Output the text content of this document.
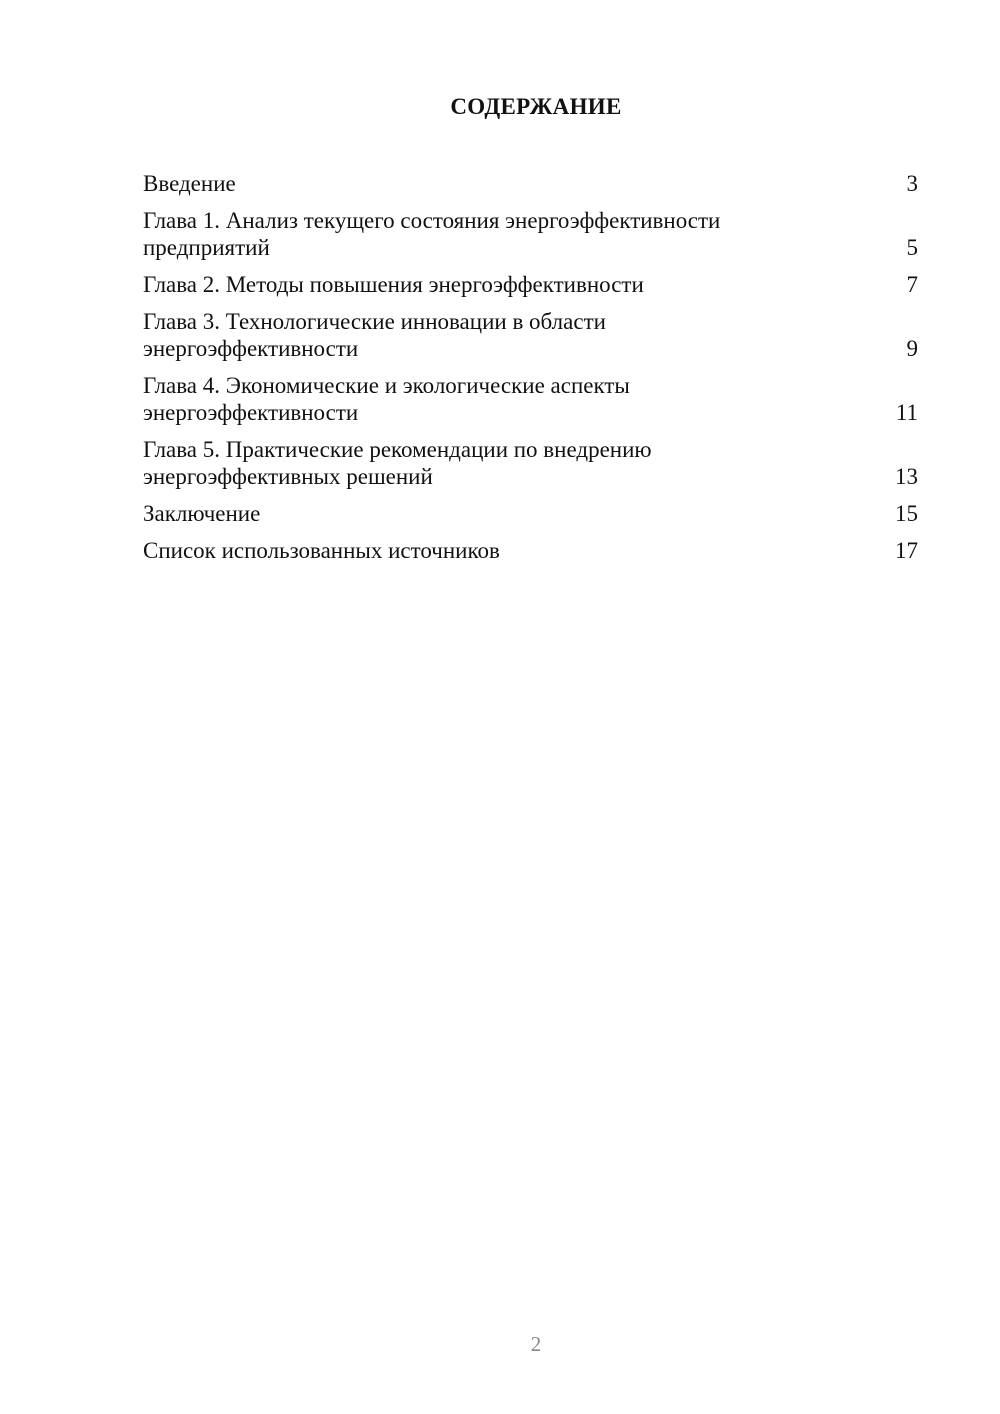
СОДЕРЖАНИЕ
Введение	3
Глава 1. Анализ текущего состояния энергоэффективности предприятий	5
Глава 2. Методы повышения энергоэффективности	7
Глава 3. Технологические инновации в области энергоэффективности	9
Глава 4. Экономические и экологические аспекты энергоэффективности	11
Глава 5. Практические рекомендации по внедрению энергоэффективных решений	13
Заключение	15
Список использованных источников	17
2
